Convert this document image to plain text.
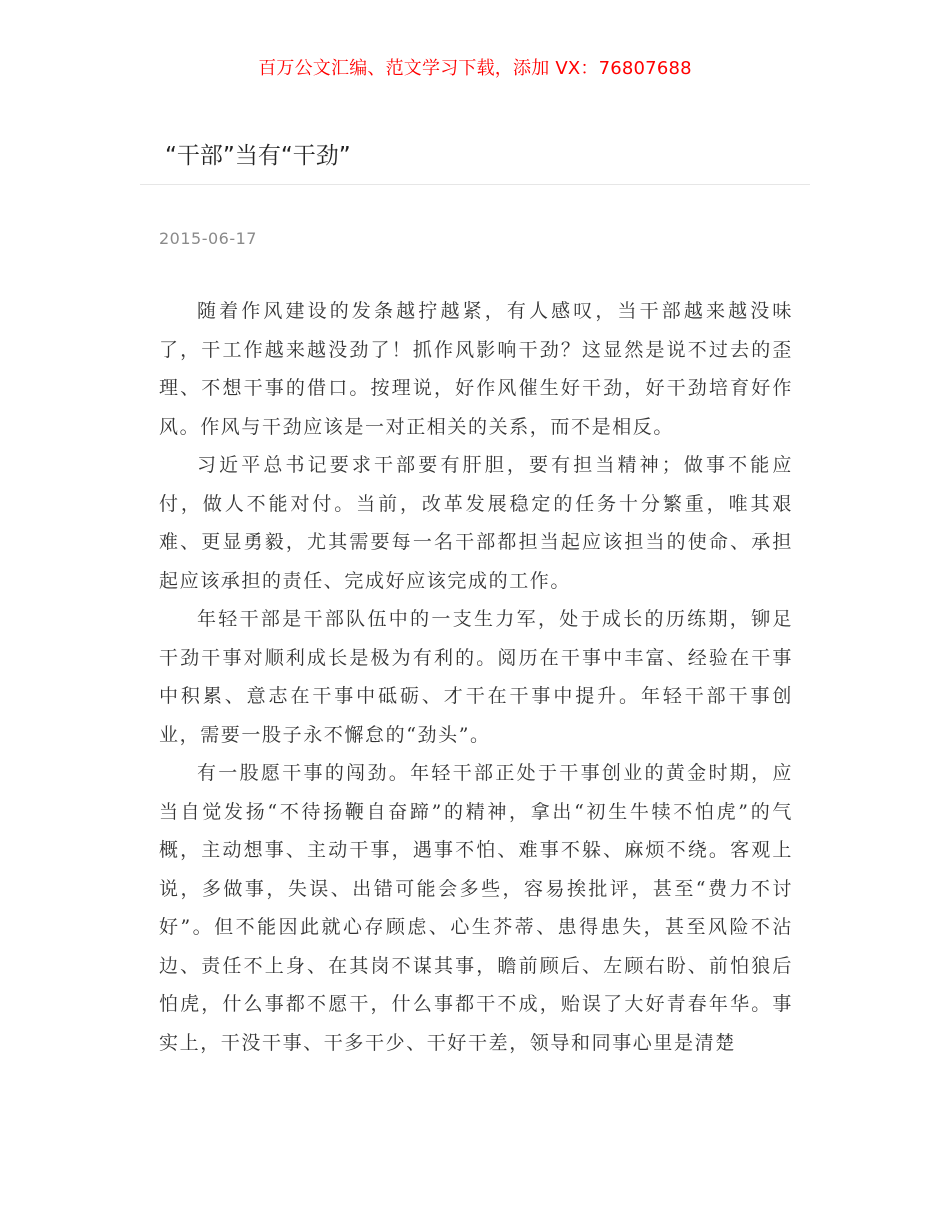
百万公文汇编、范文学习下载，添加 VX：76807688
“干部”当有“干劲”
2015-06-17

随着作风建设的发条越拧越紧，有人感叹，当干部越来越没味了，干工作越来越没劲了！抓作风影响干劲？这显然是说不过去的歪理、不想干事的借口。按理说，好作风催生好干劲，好干劲培育好作风。作风与干劲应该是一对正相关的关系，而不是相反。

习近平总书记要求干部要有肝胆，要有担当精神；做事不能应付，做人不能对付。当前，改革发展稳定的任务十分繁重，唯其艰难、更显勇毅，尤其需要每一名干部都担当起应该担当的使命、承担起应该承担的责任、完成好应该完成的工作。

年轻干部是干部队伍中的一支生力军，处于成长的历练期，铆足干劲干事对顺利成长是极为有利的。阅历在干事中丰富、经验在干事中积累、意志在干事中砥砺、才干在干事中提升。年轻干部干事创业，需要一股子永不懈怠的“劲头”。

有一股愿干事的闯劲。年轻干部正处于干事创业的黄金时期，应当自觉发扬“不待扬鞭自奋蹄”的精神，拿出“初生牛犊不怕虎”的气概，主动想事、主动干事，遇事不怕、难事不躲、麻烦不绕。客观上说，多做事，失误、出错可能会多些，容易挨批评，甚至“费力不讨好”。但不能因此就心存顾虑、心生芥蒂、患得患失，甚至风险不沾边、责任不上身、在其岗不谋其事，瞻前顾后、左顾右盼、前怕狼后怕虎，什么事都不愿干，什么事都干不成，贻误了大好青春年华。事实上，干没干事、干多干少、干好干差，领导和同事心里是清楚
